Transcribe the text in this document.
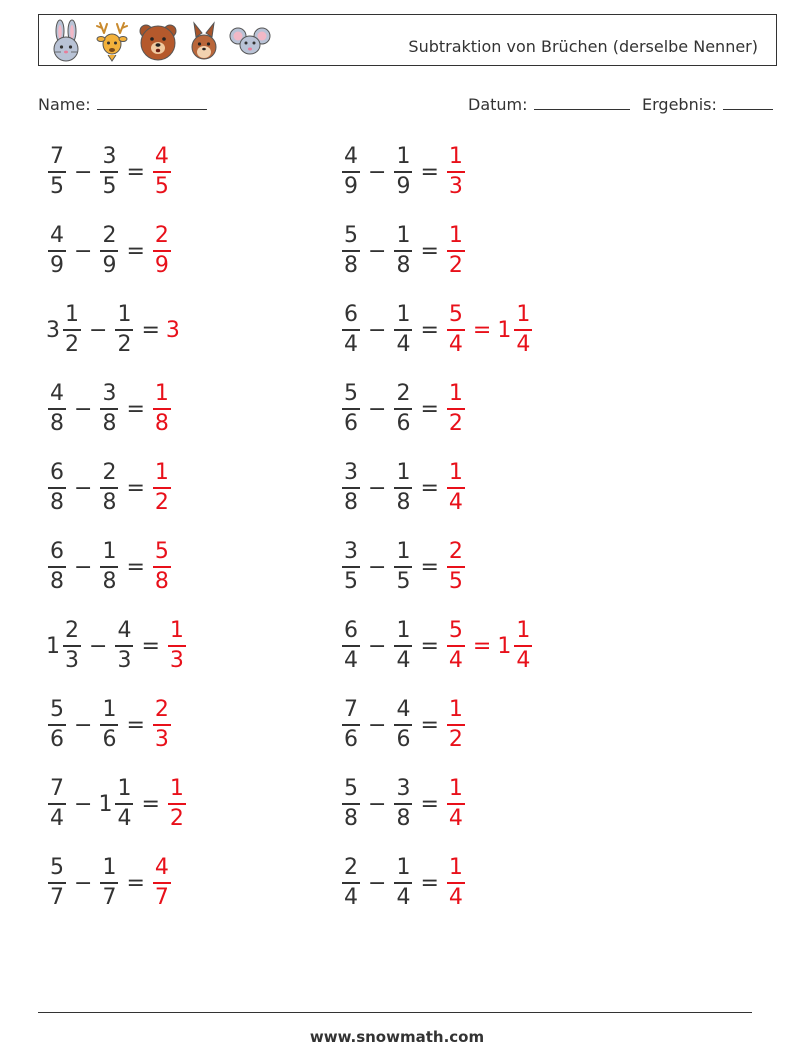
Subtraktion von Brüchen (derselbe Nenner)
Name:	Datum:	Ergebnis:
$\frac{7}{5} - \frac{3}{5} = \frac{4}{5}$	$\frac{4}{9} - \frac{1}{9} = \frac{1}{3}$
$\frac{4}{9} - \frac{2}{9} = \frac{2}{9}$	$\frac{5}{8} - \frac{1}{8} = \frac{1}{2}$
$3 \frac{1}{2} - \frac{1}{2} = 3$	$\frac{6}{4} - \frac{1}{4} = \frac{5}{4} = 1 \frac{1}{4}$
$\frac{4}{8} - \frac{3}{8} = \frac{1}{8}$	$\frac{5}{6} - \frac{2}{6} = \frac{1}{2}$
$\frac{6}{8} - \frac{2}{8} = \frac{1}{2}$	$\frac{3}{8} - \frac{1}{8} = \frac{1}{4}$
$\frac{6}{8} - \frac{1}{8} = \frac{5}{8}$	$\frac{3}{5} - \frac{1}{5} = \frac{2}{5}$
$1 \frac{2}{3} - \frac{4}{3} = \frac{1}{3}$	$\frac{6}{4} - \frac{1}{4} = \frac{5}{4} = 1 \frac{1}{4}$
$\frac{5}{6} - \frac{1}{6} = \frac{2}{3}$	$\frac{7}{6} - \frac{4}{6} = \frac{1}{2}$
$\frac{7}{4} - 1 \frac{1}{4} = \frac{1}{2}$	$\frac{5}{8} - \frac{3}{8} = \frac{1}{4}$
$\frac{5}{7} - \frac{1}{7} = \frac{4}{7}$	$\frac{2}{4} - \frac{1}{4} = \frac{1}{4}$
www.snowmath.com
